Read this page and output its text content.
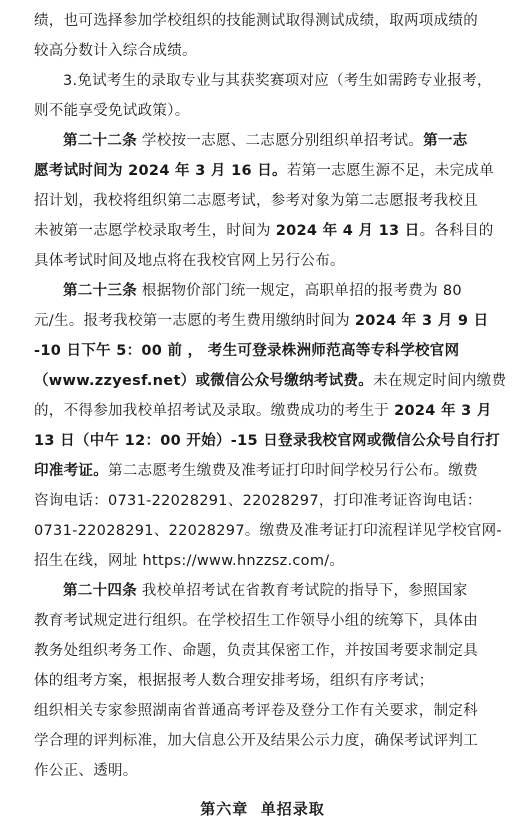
绩，也可选择参加学校组织的技能测试取得测试成绩，取两项成绩的
较高分数计入综合成绩。
3.免试考生的录取专业与其获奖赛项对应（考生如需跨专业报考，
则不能享受免试政策）。
第二十二条 学校按一志愿、二志愿分别组织单招考试。第一志
愿考试时间为 2024 年 3 月 16 日。若第一志愿生源不足，未完成单
招计划，我校将组织第二志愿考试，参考对象为第二志愿报考我校且
未被第一志愿学校录取考生，时间为 2024 年 4 月 13 日。各科目的
具体考试时间及地点将在我校官网上另行公布。
第二十三条 根据物价部门统一规定，高职单招的报考费为 80
元/生。报考我校第一志愿的考生费用缴纳时间为 2024 年 3 月 9 日
-10 日下午 5：00 前 ， 考生可登录株洲师范高等专科学校官网
（www.zzyesf.net）或微信公众号缴纳考试费。未在规定时间内缴费
的，不得参加我校单招考试及录取。缴费成功的考生于 2024 年 3 月
13 日（中午 12：00 开始）-15 日登录我校官网或微信公众号自行打
印准考证。第二志愿考生缴费及准考证打印时间学校另行公布。缴费
咨询电话：0731-22028291、22028297，打印准考证咨询电话：
0731-22028291、22028297。缴费及准考证打印流程详见学校官网-
招生在线，网址 https://www.hnzzsz.com/。
第二十四条 我校单招考试在省教育考试院的指导下，参照国家
教育考试规定进行组织。在学校招生工作领导小组的统筹下，具体由
教务处组织考务工作、命题，负责其保密工作，并按国考要求制定具
体的组考方案，根据报考人数合理安排考场，组织有序考试；
组织相关专家参照湖南省普通高考评卷及登分工作有关要求，制定科
学合理的评判标准，加大信息公开及结果公示力度，确保考试评判工
作公正、透明。
第六章 单招录取
